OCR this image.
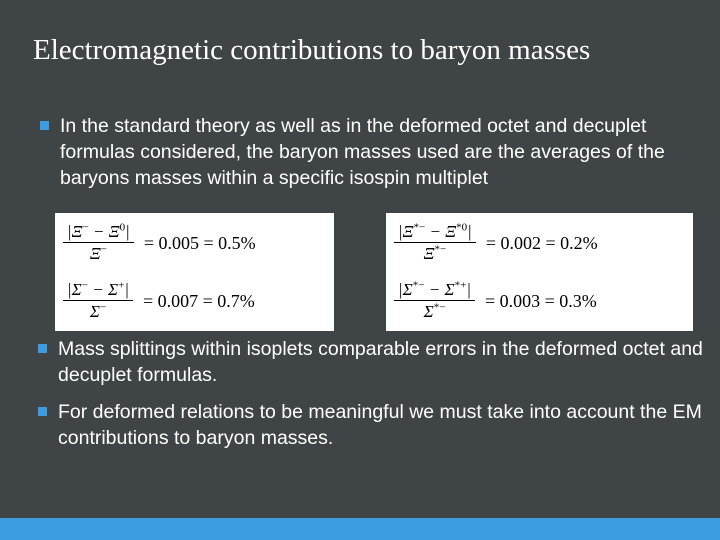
Electromagnetic contributions to baryon masses
In the standard theory as well as in the deformed octet and decuplet formulas considered, the baryon masses used are the averages of the baryons masses within a specific isospin multiplet
$\frac{|\Xi^- - \Xi^0|}{\Xi^-} = 0.005 = 0.5\%$
$\frac{|\Sigma^- - \Sigma^+|}{\Sigma^-} = 0.007 = 0.7\%$
$\frac{|\Xi^{*-} - \Xi^{*0}|}{\Xi^{*-}} = 0.002 = 0.2\%$
$\frac{|\Sigma^{*-} - \Sigma^{*+}|}{\Sigma^{*-}} = 0.003 = 0.3\%$
Mass splittings within isoplets comparable errors in the deformed octet and decuplet formulas.
For deformed relations to be meaningful we must take into account the EM contributions to baryon masses.
